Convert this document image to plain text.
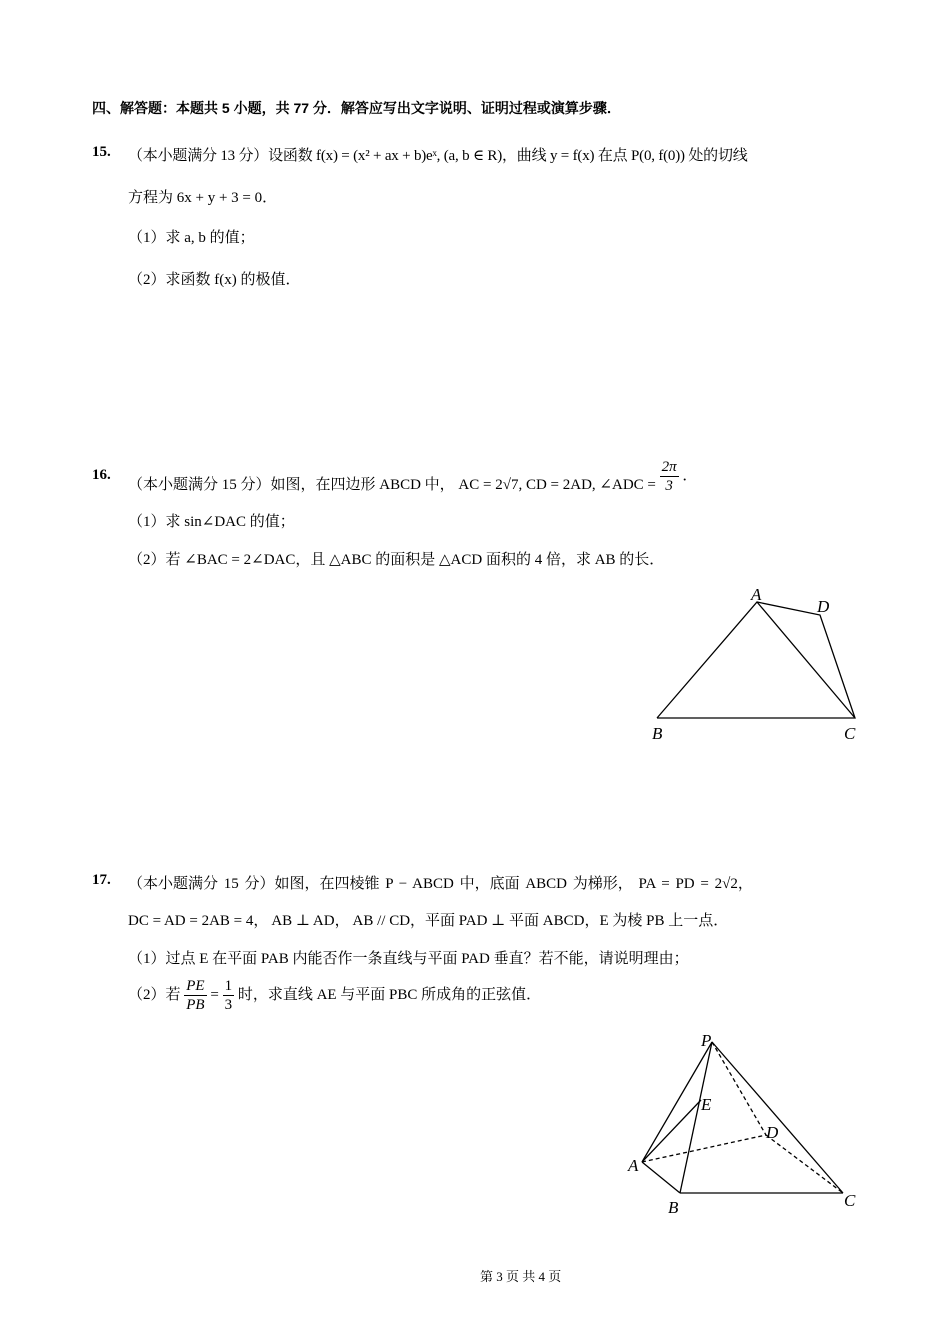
四、解答题：本题共 5 小题，共 77 分．解答应写出文字说明、证明过程或演算步骤．
15. （本小题满分 13 分）设函数 f(x) = (x² + ax + b)eˣ, (a, b ∈ R)，曲线 y = f(x) 在点 P(0, f(0)) 处的切线
方程为 6x + y + 3 = 0．
（1）求 a, b 的值；
（2）求函数 f(x) 的极值．
16.
（本小题满分 15 分）如图，在四边形 ABCD 中， AC = 2√7, CD = 2AD, ∠ADC = $\frac{2\pi}{3}$ ．
（1）求 sin∠DAC 的值；
（2）若 ∠BAC = 2∠DAC，且 △ABC 的面积是 △ACD 面积的 4 倍，求 AB 的长．
A
D
B	C
P
E
D
A
B	C
17. （本小题满分 15 分）如图，在四棱锥 P − ABCD 中，底面 ABCD 为梯形， PA = PD = 2√2，
DC = AD = 2AB = 4， AB ⊥ AD， AB // CD，平面 PAD ⊥ 平面 ABCD，E 为棱 PB 上一点．
（1）过点 E 在平面 PAB 内能否作一条直线与平面 PAD 垂直？若不能，请说明理由；
（2）若 $\frac{PE}{PB} = \frac{1}{3}$ 时，求直线 AE 与平面 PBC 所成角的正弦值．
第 3 页 共 4 页
